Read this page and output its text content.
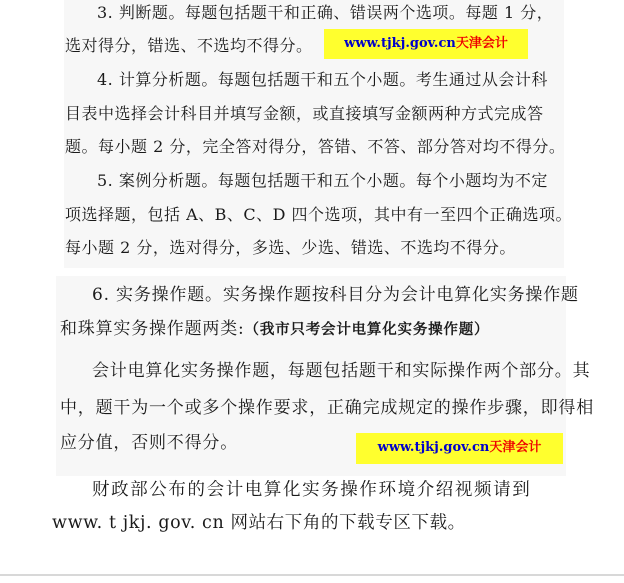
3. 判断题。每题包括题干和正确、错误两个选项。每题 1 分，
选对得分，错选、不选均不得分。	www.tjkj.gov.cn天津会计
4. 计算分析题。每题包括题干和五个小题。考生通过从会计科
目表中选择会计科目并填写金额，或直接填写金额两种方式完成答
题。每小题 2 分，完全答对得分，答错、不答、部分答对均不得分。
5. 案例分析题。每题包括题干和五个小题。每个小题均为不定
项选择题，包括 A、B、C、D 四个选项，其中有一至四个正确选项。
每小题 2 分，选对得分，多选、少选、错选、不选均不得分。
6. 实务操作题。实务操作题按科目分为会计电算化实务操作题
和珠算实务操作题两类:（我市只考会计电算化实务操作题）
会计电算化实务操作题，每题包括题干和实际操作两个部分。其
中，题干为一个或多个操作要求，正确完成规定的操作步骤，即得相
应分值，否则不得分。	www.tjkj.gov.cn天津会计
财政部公布的会计电算化实务操作环境介绍视频请到
www. t jkj. gov. cn 网站右下角的下载专区下载。
